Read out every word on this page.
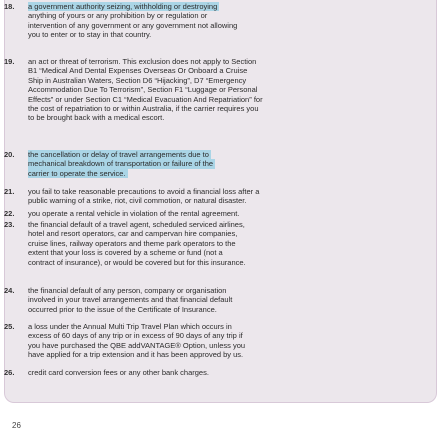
18.	a government authority seizing, withholding or destroying
anything of yours or any prohibition by or regulation or
intervention of any government or any government not allowing
you to enter or to stay in that country.
19.	an act or threat of terrorism. This exclusion does not apply to Section
B1 “Medical And Dental Expenses Overseas Or Onboard a Cruise
Ship in Australian Waters, Section D6 “Hijacking”, D7 “Emergency
Accommodation Due To Terrorism”, Section F1 “Luggage or Personal
Effects” or under Section C1 “Medical Evacuation And Repatriation” for
the cost of repatriation to or within Australia, if the carrier requires you
to be brought back with a medical escort.
20.	the cancellation or delay of travel arrangements due to mechanical breakdown of transportation or failure of the carrier to operate the service.
21.	you fail to take reasonable precautions to avoid a financial loss after a
public warning of a strike, riot, civil commotion, or natural disaster.
22.	you operate a rental vehicle in violation of the rental agreement.
23.	the financial default of a travel agent, scheduled serviced airlines,
hotel and resort operators, car and campervan hire companies,
cruise lines, railway operators and theme park operators to the
extent that your loss is covered by a scheme or fund (not a
contract of insurance), or would be covered but for this insurance.
24.	the financial default of any person, company or organisation
involved in your travel arrangements and that financial default
occurred prior to the issue of the Certificate of Insurance.
25.	a loss under the Annual Multi Trip Travel Plan which occurs in
excess of 60 days of any trip or in excess of 90 days of any trip if
you have purchased the QBE addVANTAGE® Option, unless you
have applied for a trip extension and it has been approved by us.
26.	credit card conversion fees or any other bank charges.
26
